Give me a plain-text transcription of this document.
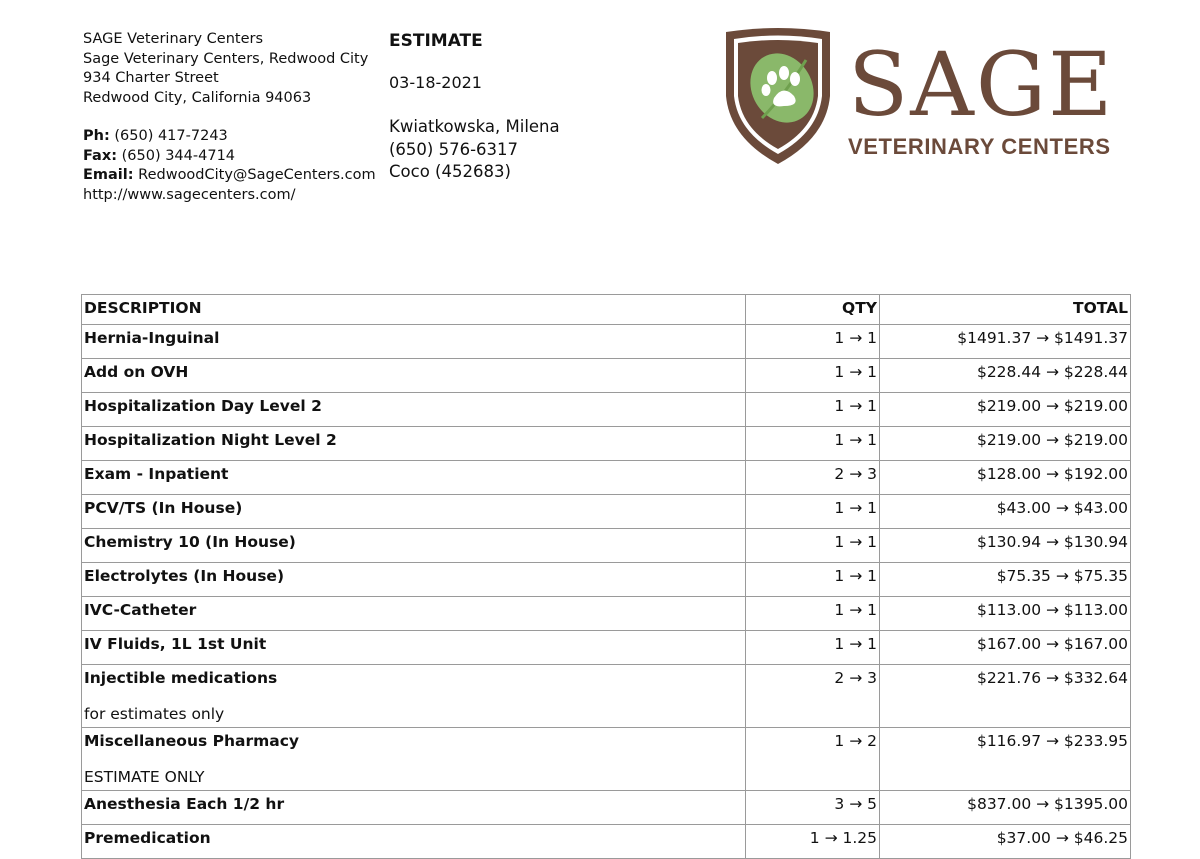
SAGE Veterinary Centers
Sage Veterinary Centers, Redwood City
934 Charter Street
Redwood City, California 94063
Ph: (650) 417-7243
Fax: (650) 344-4714
Email: RedwoodCity@SageCenters.com
http://www.sagecenters.com/
ESTIMATE
03-18-2021
Kwiatkowska, Milena
(650) 576-6317
Coco (452683)
SAGE
VETERINARY CENTERS
DESCRIPTION	QTY	TOTAL

Hernia-Inguinal	1 → 1	$1491.37 → $1491.37

Add on OVH	1 → 1	$228.44 → $228.44

Hospitalization Day Level 2	1 → 1	$219.00 → $219.00

Hospitalization Night Level 2	1 → 1	$219.00 → $219.00

Exam - Inpatient	2 → 3	$128.00 → $192.00

PCV/TS (In House)	1 → 1	$43.00 → $43.00

Chemistry 10 (In House)	1 → 1	$130.94 → $130.94

Electrolytes (In House)	1 → 1	$75.35 → $75.35

IVC-Catheter	1 → 1	$113.00 → $113.00

IV Fluids, 1L 1st Unit	1 → 1	$167.00 → $167.00

Injectible medications
for estimates only	2 → 3	$221.76 → $332.64

Miscellaneous Pharmacy
ESTIMATE ONLY	1 → 2	$116.97 → $233.95

Anesthesia Each 1/2 hr	3 → 5	$837.00 → $1395.00

Premedication	1 → 1.25	$37.00 → $46.25
